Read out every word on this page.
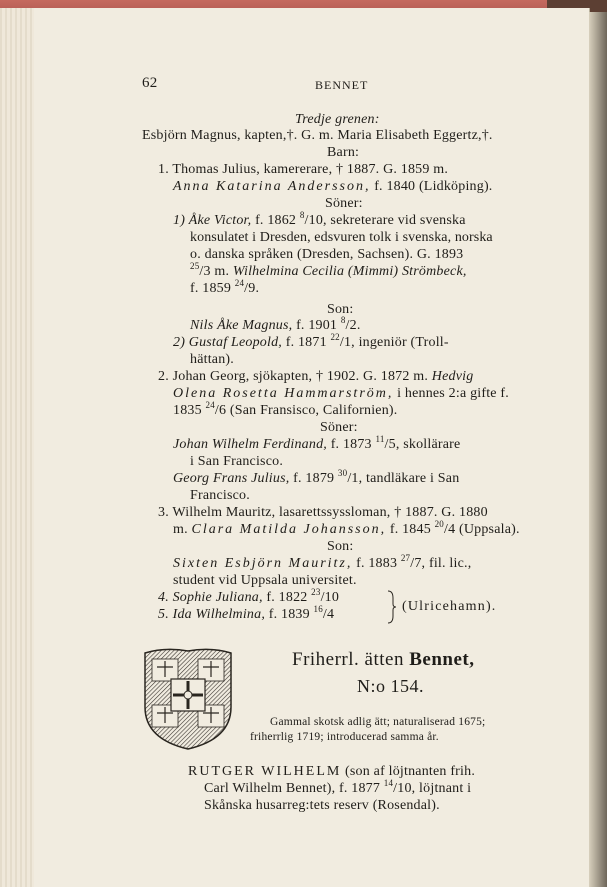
62	BENNET
Tredje grenen:
Esbjörn Magnus, kapten,†. G. m. Maria Elisabeth Eggertz,†.
Barn:
1. Thomas Julius, kamererare, † 1887. G. 1859 m.
Anna Katarina Andersson, f. 1840 (Lidköping).
Söner:
1) Åke Victor, f. 1862 $^8$/10, sekreterare vid svenska
konsulatet i Dresden, edsvuren tolk i svenska, norska
o. danska språken (Dresden, Sachsen). G. 1893
$^{25}$/3 m. Wilhelmina Cecilia (Mimmi) Strömbeck,
f. 1859 $^{24}$/9.
Son:
Nils Åke Magnus, f. 1901 $^8$/2.
2) Gustaf Leopold, f. 1871 $^{22}$/1, ingeniör (Troll-
hättan).
2. Johan Georg, sjökapten, † 1902. G. 1872 m. Hedvig
Olena Rosetta Hammarström, i hennes 2:a gifte f.
1835 $^{24}$/6 (San Fransisco, Californien).
Söner:
Johan Wilhelm Ferdinand, f. 1873 $^{11}$/5, skollärare
i San Francisco.
Georg Frans Julius, f. 1879 $^{30}$/1, tandläkare i San
Francisco.
3. Wilhelm Mauritz, lasarettssyssloman, † 1887. G. 1880
m. Clara Matilda Johansson, f. 1845 $^{20}$/4 (Uppsala).
Son:
Sixten Esbjörn Mauritz, f. 1883 $^{27}$/7, fil. lic.,
student vid Uppsala universitet.
4. Sophie Juliana, f. 1822 $^{23}$/10
5. Ida Wilhelmina, f. 1839 $^{16}$/4
(Ulricehamn).
Friherrl. ätten Bennet,
N:o 154.
Gammal skotsk adlig ätt; naturaliserad 1675;
friherrlig 1719; introducerad samma år.
RUTGER WILHELM (son af löjtnanten frih.
Carl Wilhelm Bennet), f. 1877 $^{14}$/10, löjtnant i
Skånska husarreg:tets reserv (Rosendal).
